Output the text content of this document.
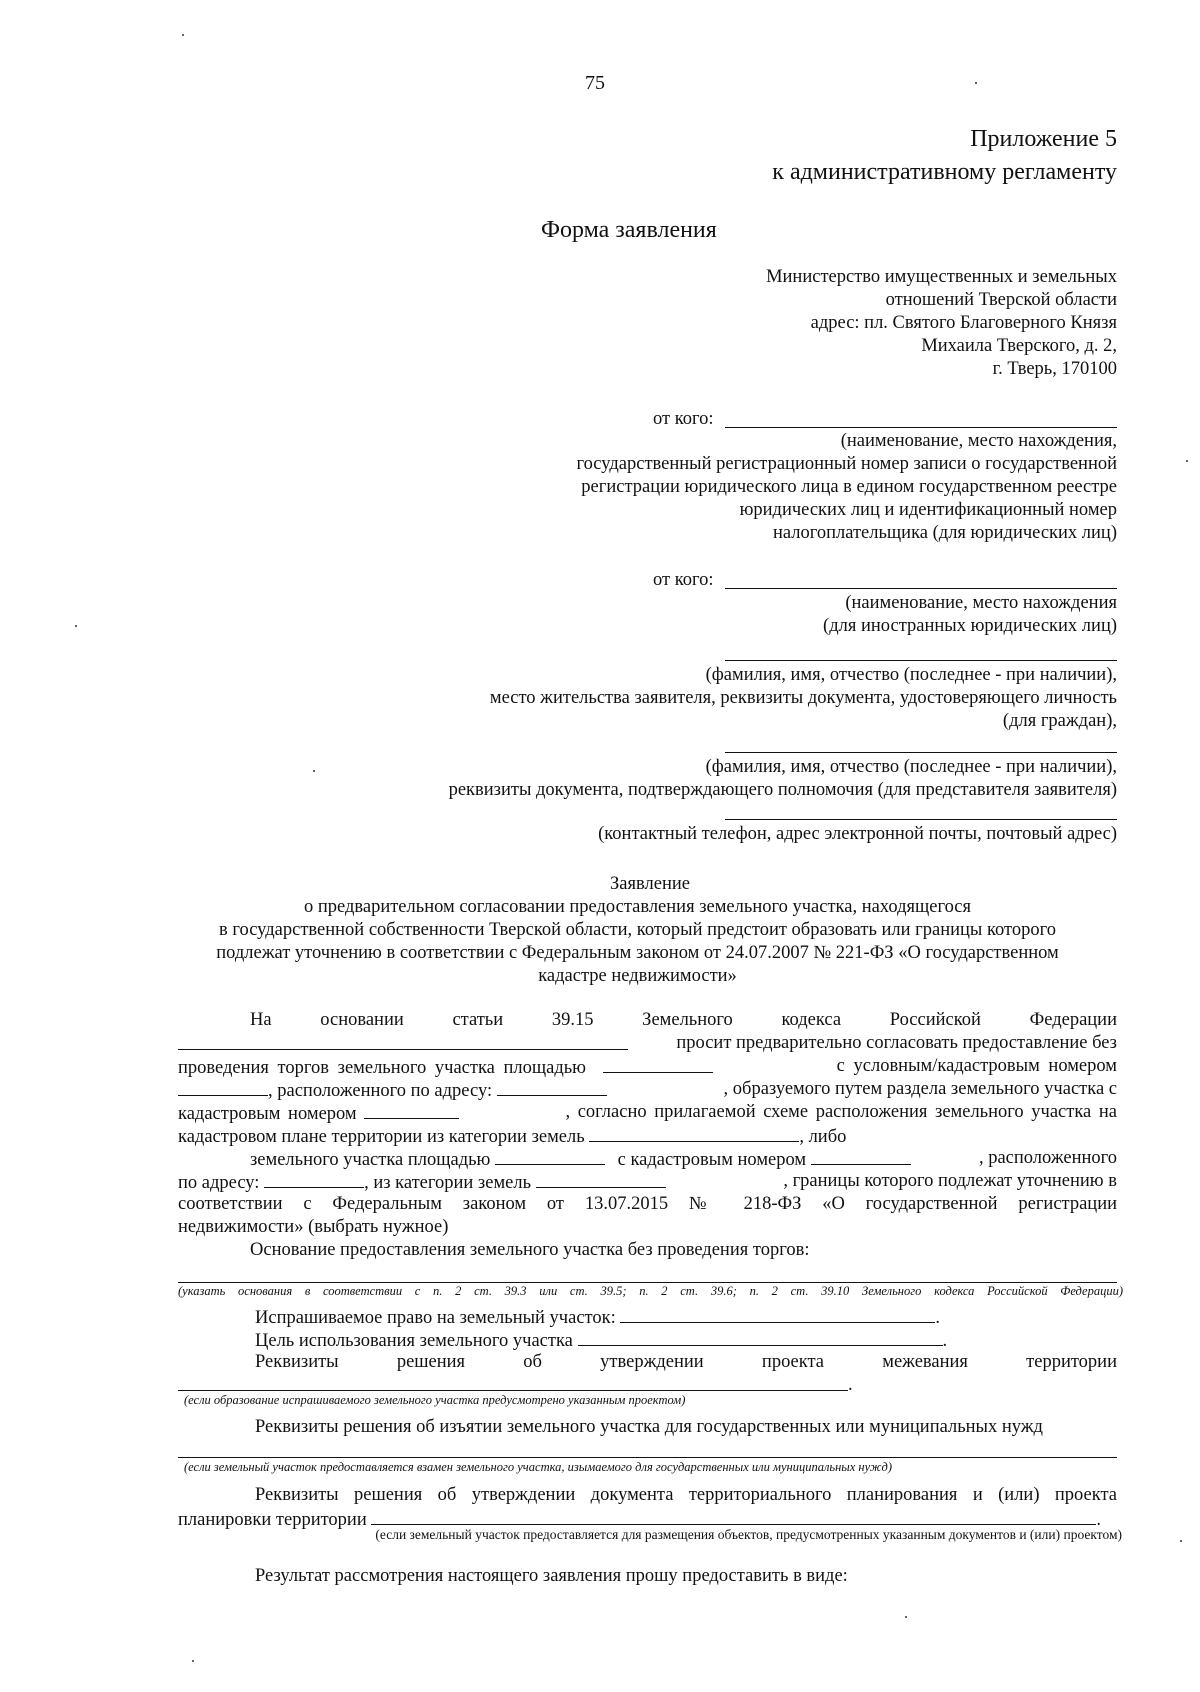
75
Приложение 5
к административному регламенту
Форма заявления
Министерство имущественных и земельных
отношений Тверской области
адрес: пл. Святого Благоверного Князя
Михаила Тверского, д. 2,
г. Тверь, 170100
от кого:
(наименование, место нахождения,
государственный регистрационный номер записи о государственной
регистрации юридического лица в едином государственном реестре
юридических лиц и идентификационный номер
налогоплательщика (для юридических лиц)
от кого:
(наименование, место нахождения
(для иностранных юридических лиц)
(фамилия, имя, отчество (последнее - при наличии),
место жительства заявителя, реквизиты документа, удостоверяющего личность
(для граждан),
(фамилия, имя, отчество (последнее - при наличии),
реквизиты документа, подтверждающего полномочия (для представителя заявителя)
(контактный телефон, адрес электронной почты, почтовый адрес)
Заявление
о предварительном согласовании предоставления земельного участка, находящегося
в государственной собственности Тверской области, который предстоит образовать или границы которого
подлежат уточнению в соответствии с Федеральным законом от 24.07.2007 № 221-ФЗ «О государственном
кадастре недвижимости»
На основании статьи 39.15 Земельного кодекса Российской Федерации
просит предварительно согласовать предоставление без
проведения торгов земельного участка площадью	с условным/кадастровым номером
, расположенного по адресу:	, образуемого путем раздела земельного участка с
кадастровым номером	, согласно прилагаемой схеме расположения земельного участка на
кадастровом плане территории из категории земель	, либо
земельного участка площадью	с кадастровым номером	, расположенного
по адресу:	, из категории земель	, границы которого подлежат уточнению в
соответствии с Федеральным законом от 13.07.2015 № 218-ФЗ «О государственной регистрации
недвижимости» (выбрать нужное)
Основание предоставления земельного участка без проведения торгов:
(указать основания в соответствии с п. 2 ст. 39.3 или ст. 39.5; п. 2 ст. 39.6; п. 2 ст. 39.10 Земельного кодекса Российской Федерации)
Испрашиваемое право на земельный участок:	.
Цель использования земельного участка	.
Реквизиты решения об утверждении проекта межевания территории
.
(если образование испрашиваемого земельного участка предусмотрено указанным проектом)
Реквизиты решения об изъятии земельного участка для государственных или муниципальных нужд
(если земельный участок предоставляется взамен земельного участка, изымаемого для государственных или муниципальных нужд)
Реквизиты решения об утверждении документа территориального планирования и (или) проекта
планировки территории	.
(если земельный участок предоставляется для размещения объектов, предусмотренных указанным документов и (или) проектом)
Результат рассмотрения настоящего заявления прошу предоставить в виде:
